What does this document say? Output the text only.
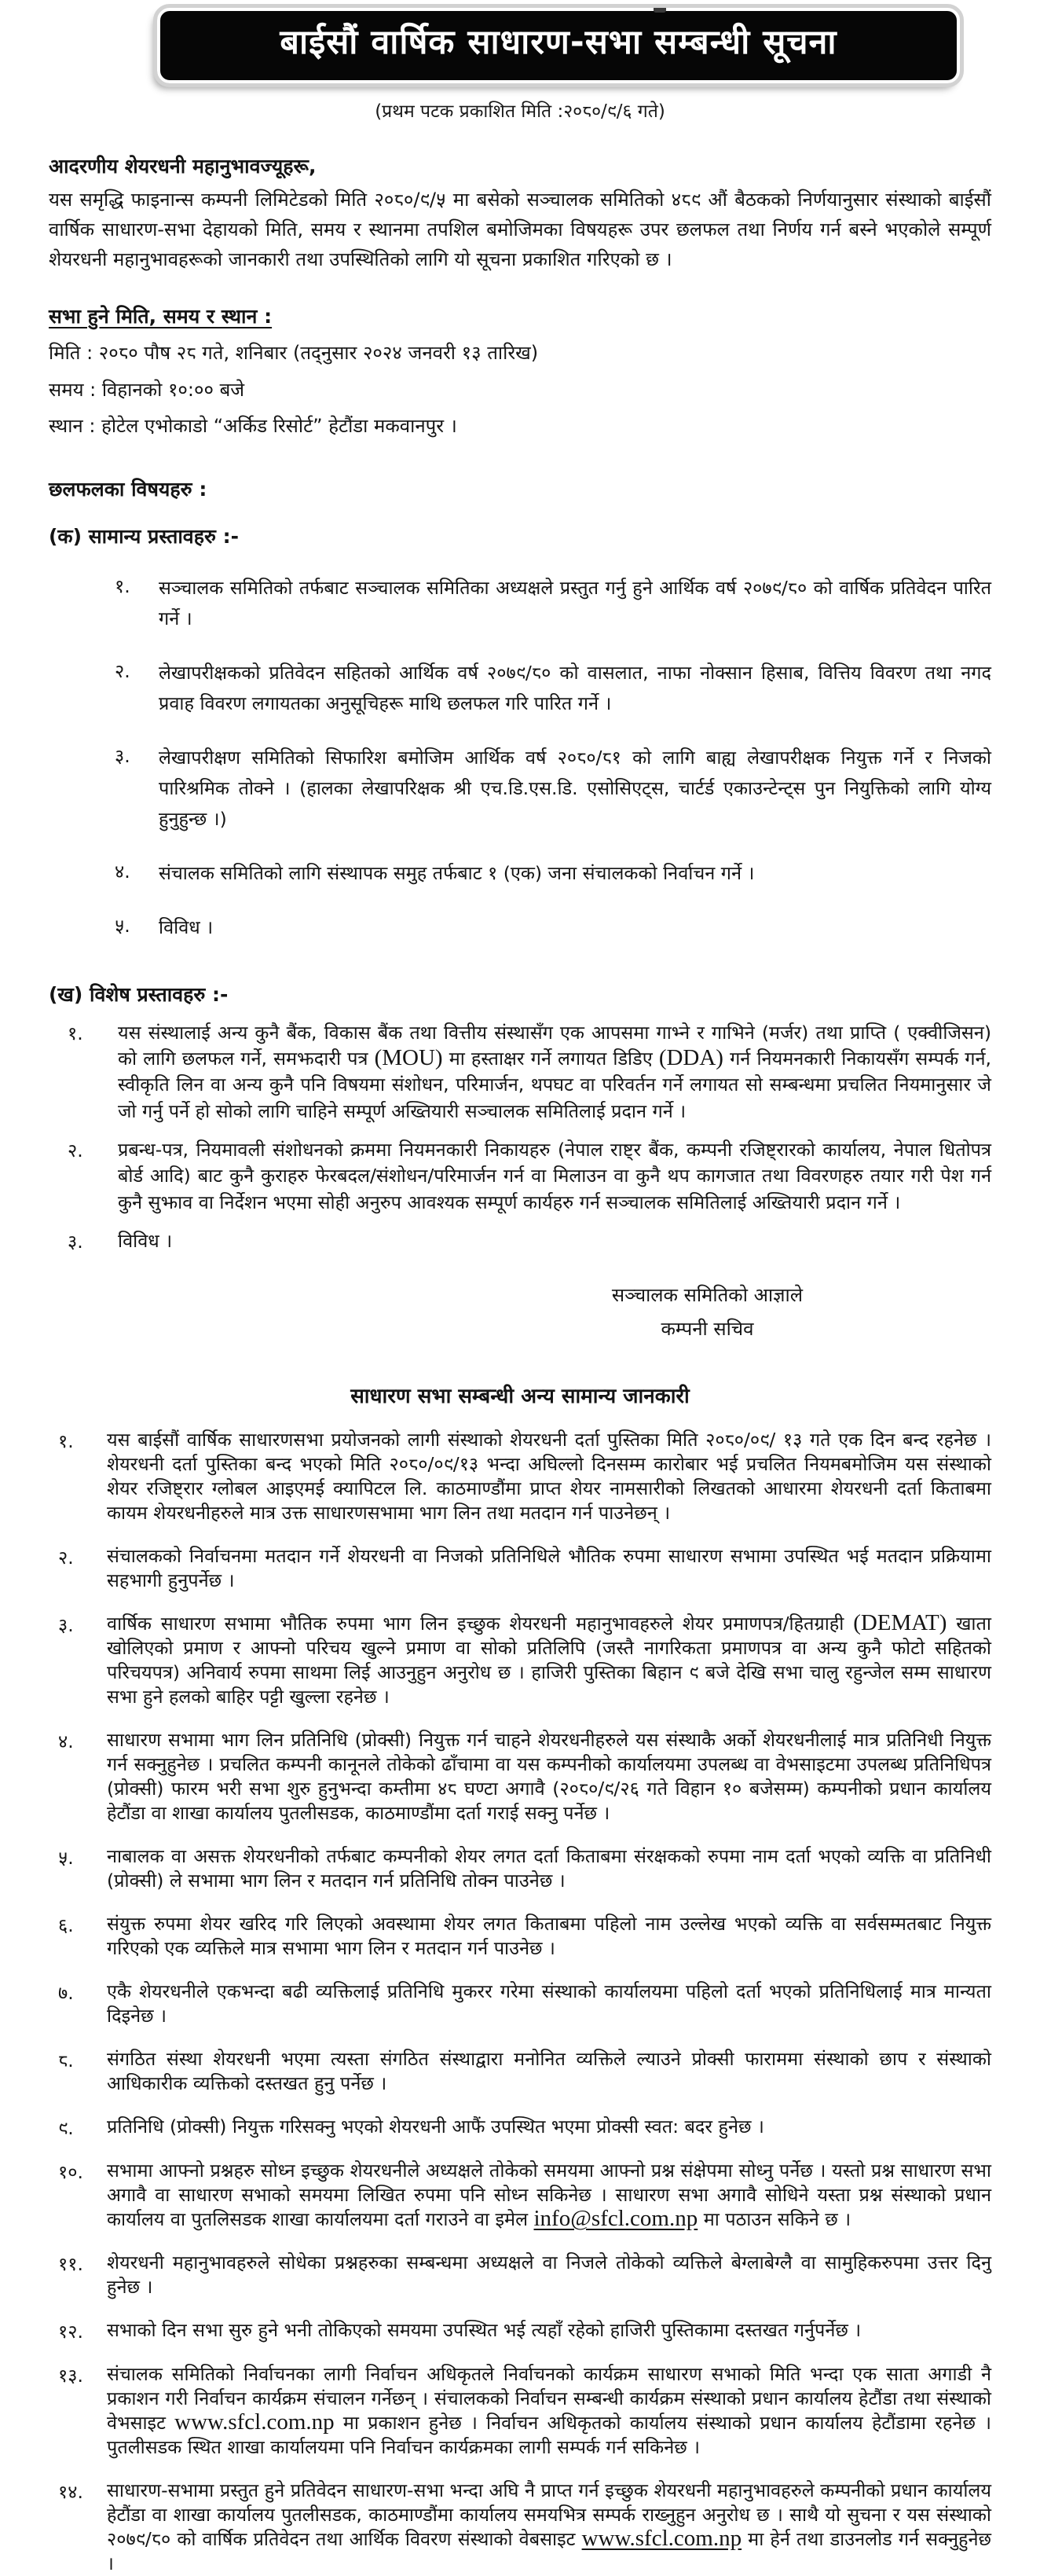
बाईसौं वार्षिक साधारण-सभा सम्बन्धी सूचना
(प्रथम पटक प्रकाशित मिति :२०८०/९/६ गते)
आदरणीय शेयरधनी महानुभावज्यूहरू,
यस समृद्धि फाइनान्स कम्पनी लिमिटेडको मिति २०८०/९/५ मा बसेको सञ्चालक समितिको ४८९ औं बैठकको निर्णयानुसार संस्थाको बाईसौं वार्षिक साधारण-सभा देहायको मिति, समय र स्थानमा तपशिल बमोजिमका विषयहरू उपर छलफल तथा निर्णय गर्न बस्ने भएकोले सम्पूर्ण शेयरधनी महानुभावहरूको जानकारी तथा उपस्थितिको लागि यो सूचना प्रकाशित गरिएको छ ।
सभा हुने मिति, समय र स्थान :
मिति : २०८० पौष २८ गते, शनिबार (तद्नुसार २०२४ जनवरी १३ तारिख)
समय : विहानको १०:०० बजे
स्थान : होटेल एभोकाडो “अर्किड रिसोर्ट” हेटौंडा मकवानपुर ।
छलफलका विषयहरु :
(क) सामान्य प्रस्तावहरु :-
१.	सञ्चालक समितिको तर्फबाट सञ्चालक समितिका अध्यक्षले प्रस्तुत गर्नु हुने आर्थिक वर्ष २०७९/८० को वार्षिक प्रतिवेदन पारित गर्ने ।
२.	लेखापरीक्षकको प्रतिवेदन सहितको आर्थिक वर्ष २०७९/८० को वासलात, नाफा नोक्सान हिसाब, वित्तिय विवरण तथा नगद प्रवाह विवरण लगायतका अनुसूचिहरू माथि छलफल गरि पारित गर्ने ।
३.	लेखापरीक्षण समितिको सिफारिश बमोजिम आर्थिक वर्ष २०८०/८१ को लागि बाह्य लेखापरीक्षक नियुक्त गर्ने र निजको पारिश्रमिक तोक्ने । (हालका लेखापरिक्षक श्री एच.डि.एस.डि. एसोसिएट्स, चार्टर्ड एकाउन्टेन्ट्स पुन नियुक्तिको लागि योग्य हुनुहुन्छ ।)
४.	संचालक समितिको लागि संस्थापक समुह तर्फबाट १ (एक) जना संचालकको निर्वाचन गर्ने ।
५.	विविध ।
(ख) विशेष प्रस्तावहरु :-
१.	यस संस्थालाई अन्य कुनै बैंक, विकास बैंक तथा वित्तीय संस्थासँग एक आपसमा गाभ्ने र गाभिने (मर्जर) तथा प्राप्ति ( एक्वीजिसन) को लागि छलफल गर्ने, समझदारी पत्र (MOU) मा हस्ताक्षर गर्ने लगायत डिडिए (DDA) गर्न नियमनकारी निकायसँग सम्पर्क गर्न, स्वीकृति लिन वा अन्य कुनै पनि विषयमा संशोधन, परिमार्जन, थपघट वा परिवर्तन गर्ने लगायत सो सम्बन्धमा प्रचलित नियमानुसार जे जो गर्नु पर्ने हो सोको लागि चाहिने सम्पूर्ण अख्तियारी सञ्चालक समितिलाई प्रदान गर्ने ।
२.	प्रबन्ध-पत्र, नियमावली संशोधनको क्रममा नियमनकारी निकायहरु (नेपाल राष्ट्र बैंक, कम्पनी रजिष्ट्रारको कार्यालय, नेपाल धितोपत्र बोर्ड आदि) बाट कुनै कुराहरु फेरबदल/संशोधन/परिमार्जन गर्न वा मिलाउन वा कुनै थप कागजात तथा विवरणहरु तयार गरी पेश गर्न कुनै सुझाव वा निर्देशन भएमा सोही अनुरुप आवश्यक सम्पूर्ण कार्यहरु गर्न सञ्चालक समितिलाई अख्तियारी प्रदान गर्ने ।
३.	विविध ।
सञ्चालक समितिको आज्ञाले
कम्पनी सचिव
साधारण सभा सम्बन्धी अन्य सामान्य जानकारी
१.	यस बाईसौं वार्षिक साधारणसभा प्रयोजनको लागी संस्थाको शेयरधनी दर्ता पुस्तिका मिति २०८०/०९/ १३ गते एक दिन बन्द रहनेछ । शेयरधनी दर्ता पुस्तिका बन्द भएको मिति २०८०/०९/१३ भन्दा अघिल्लो दिनसम्म कारोबार भई प्रचलित नियमबमोजिम यस संस्थाको शेयर रजिष्ट्रार ग्लोबल आइएमई क्यापिटल लि. काठमाण्डौंमा प्राप्त शेयर नामसारीको लिखतको आधारमा शेयरधनी दर्ता किताबमा कायम शेयरधनीहरुले मात्र उक्त साधारणसभामा भाग लिन तथा मतदान गर्न पाउनेछन् ।
२.	संचालकको निर्वाचनमा मतदान गर्ने शेयरधनी वा निजको प्रतिनिधिले भौतिक रुपमा साधारण सभामा उपस्थित भई मतदान प्रक्रियामा सहभागी हुनुपर्नेछ ।
३.	वार्षिक साधारण सभामा भौतिक रुपमा भाग लिन इच्छुक शेयरधनी महानुभावहरुले शेयर प्रमाणपत्र/हितग्राही (DEMAT) खाता खोलिएको प्रमाण र आफ्नो परिचय खुल्ने प्रमाण वा सोको प्रतिलिपि (जस्तै नागरिकता प्रमाणपत्र वा अन्य कुनै फोटो सहितको परिचयपत्र) अनिवार्य रुपमा साथमा लिई आउनुहुन अनुरोध छ । हाजिरी पुस्तिका बिहान ९ बजे देखि सभा चालु रहुन्जेल सम्म साधारण सभा हुने हलको बाहिर पट्टी खुल्ला रहनेछ ।
४.	साधारण सभामा भाग लिन प्रतिनिधि (प्रोक्सी) नियुक्त गर्न चाहने शेयरधनीहरुले यस संस्थाकै अर्को शेयरधनीलाई मात्र प्रतिनिधी नियुक्त गर्न सक्नुहुनेछ । प्रचलित कम्पनी कानूनले तोकेको ढाँचामा वा यस कम्पनीको कार्यालयमा उपलब्ध वा वेभसाइटमा उपलब्ध प्रतिनिधिपत्र (प्रोक्सी) फारम भरी सभा शुरु हुनुभन्दा कम्तीमा ४८ घण्टा अगावै (२०८०/९/२६ गते विहान १० बजेसम्म) कम्पनीको प्रधान कार्यालय हेटौंडा वा शाखा कार्यालय पुतलीसडक, काठमाण्डौंमा दर्ता गराई सक्नु पर्नेछ ।
५.	नाबालक वा असक्त शेयरधनीको तर्फबाट कम्पनीको शेयर लगत दर्ता किताबमा संरक्षकको रुपमा नाम दर्ता भएको व्यक्ति वा प्रतिनिधी (प्रोक्सी) ले सभामा भाग लिन र मतदान गर्न प्रतिनिधि तोक्न पाउनेछ ।
६.	संयुक्त रुपमा शेयर खरिद गरि लिएको अवस्थामा शेयर लगत किताबमा पहिलो नाम उल्लेख भएको व्यक्ति वा सर्वसम्मतबाट नियुक्त गरिएको एक व्यक्तिले मात्र सभामा भाग लिन र मतदान गर्न पाउनेछ ।
७.	एकै शेयरधनीले एकभन्दा बढी व्यक्तिलाई प्रतिनिधि मुकरर गरेमा संस्थाको कार्यालयमा पहिलो दर्ता भएको प्रतिनिधिलाई मात्र मान्यता दिइनेछ ।
८.	संगठित संस्था शेयरधनी भएमा त्यस्ता संगठित संस्थाद्वारा मनोनित व्यक्तिले ल्याउने प्रोक्सी फाराममा संस्थाको छाप र संस्थाको आधिकारीक व्यक्तिको दस्तखत हुनु पर्नेछ ।
९.	प्रतिनिधि (प्रोक्सी) नियुक्त गरिसक्नु भएको शेयरधनी आफैं उपस्थित भएमा प्रोक्सी स्वत: बदर हुनेछ ।
१०.	सभामा आफ्नो प्रश्नहरु सोध्न इच्छुक शेयरधनीले अध्यक्षले तोकेको समयमा आफ्नो प्रश्न संक्षेपमा सोध्नु पर्नेछ । यस्तो प्रश्न साधारण सभा अगावै वा साधारण सभाको समयमा लिखित रुपमा पनि सोध्न सकिनेछ । साधारण सभा अगावै सोधिने यस्ता प्रश्न संस्थाको प्रधान कार्यालय वा पुतलिसडक शाखा कार्यालयमा दर्ता गराउने वा इमेल info@sfcl.com.np मा पठाउन सकिने छ ।
११.	शेयरधनी महानुभावहरुले सोधेका प्रश्नहरुका सम्बन्धमा अध्यक्षले वा निजले तोकेको व्यक्तिले बेग्लाबेग्लै वा सामुहिकरुपमा उत्तर दिनु हुनेछ ।
१२.	सभाको दिन सभा सुरु हुने भनी तोकिएको समयमा उपस्थित भई त्यहाँ रहेको हाजिरी पुस्तिकामा दस्तखत गर्नुपर्नेछ ।
१३.	संचालक समितिको निर्वाचनका लागी निर्वाचन अधिकृतले निर्वाचनको कार्यक्रम साधारण सभाको मिति भन्दा एक साता अगाडी नै प्रकाशन गरी निर्वाचन कार्यक्रम संचालन गर्नेछन् । संचालकको निर्वाचन सम्बन्धी कार्यक्रम संस्थाको प्रधान कार्यालय हेटौंडा तथा संस्थाको वेभसाइट www.sfcl.com.np मा प्रकाशन हुनेछ । निर्वाचन अधिकृतको कार्यालय संस्थाको प्रधान कार्यालय हेटौंडामा रहनेछ । पुतलीसडक स्थित शाखा कार्यालयमा पनि निर्वाचन कार्यक्रमका लागी सम्पर्क गर्न सकिनेछ ।
१४.	साधारण-सभामा प्रस्तुत हुने प्रतिवेदन साधारण-सभा भन्दा अघि नै प्राप्त गर्न इच्छुक शेयरधनी महानुभावहरुले कम्पनीको प्रधान कार्यालय हेटौंडा वा शाखा कार्यालय पुतलीसडक, काठमाण्डौंमा कार्यालय समयभित्र सम्पर्क राख्नुहुन अनुरोध छ । साथै यो सुचना र यस संस्थाको २०७९/८० को वार्षिक प्रतिवेदन तथा आर्थिक विवरण संस्थाको वेबसाइट www.sfcl.com.np मा हेर्न तथा डाउनलोड गर्न सक्नुहुनेछ ।
